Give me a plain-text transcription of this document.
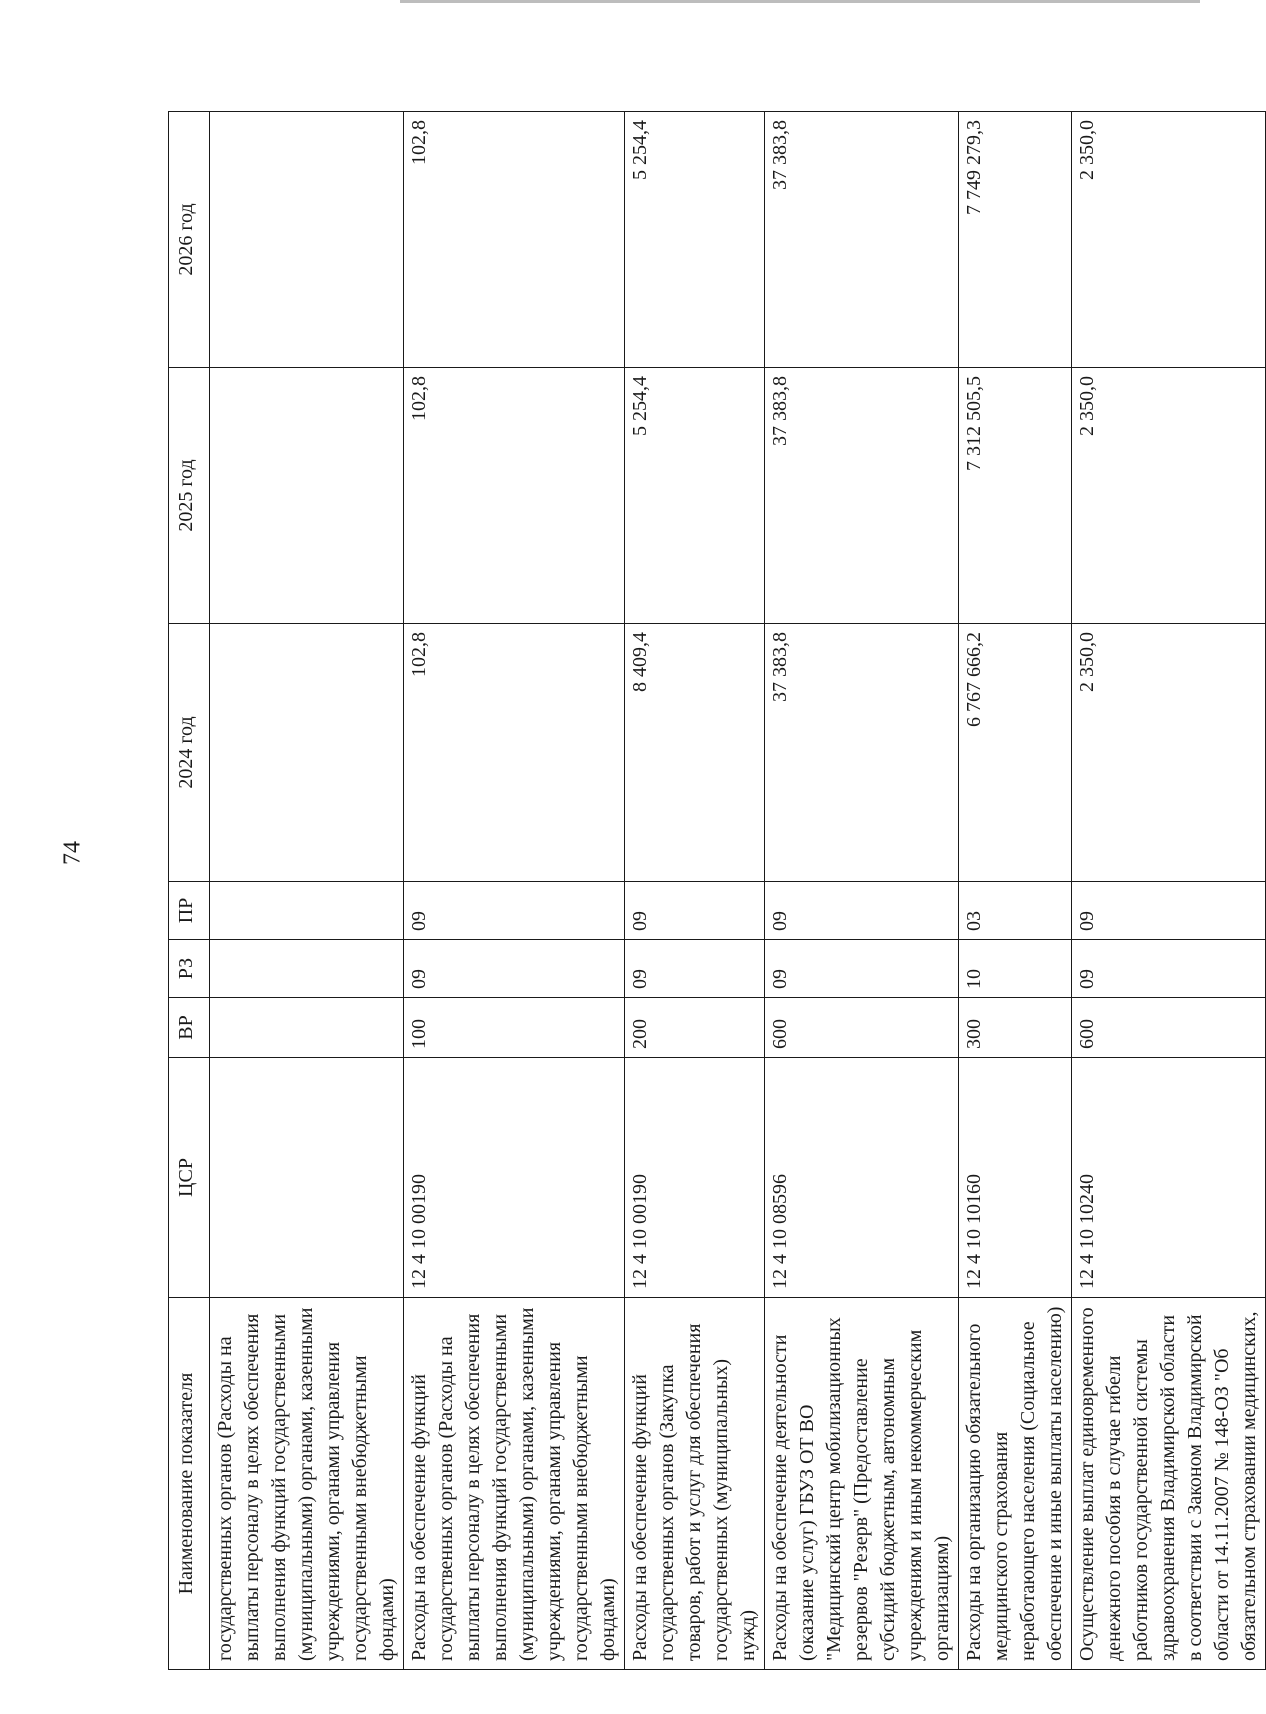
74
Наименование показателя	ЦСР	ВР	РЗ	ПР	2024 год	2025 год	2026 год
государственных органов (Расходы на выплаты персоналу в целях обеспечения выполнения функций государственными (муниципальными) органами, казенными учреждениями, органами управления государственными внебюджетными фондами)							
Расходы на обеспечение функций государственных органов (Расходы на выплаты персоналу в целях обеспечения выполнения функций государственными (муниципальными) органами, казенными учреждениями, органами управления государственными внебюджетными фондами)	12 4 10 00190	100	09	09	102,8	102,8	102,8
Расходы на обеспечение функций государственных органов (Закупка товаров, работ и услуг для обеспечения государственных (муниципальных) нужд)	12 4 10 00190	200	09	09	8 409,4	5 254,4	5 254,4
Расходы на обеспечение деятельности (оказание услуг) ГБУЗ ОТ ВО "Медицинский центр мобилизационных резервов "Резерв" (Предоставление субсидий бюджетным, автономным учреждениям и иным некоммерческим организациям)	12 4 10 08596	600	09	09	37 383,8	37 383,8	37 383,8
Расходы на организацию обязательного медицинского страхования неработающего населения (Социальное обеспечение и иные выплаты населению)	12 4 10 10160	300	10	03	6 767 666,2	7 312 505,5	7 749 279,3
Осуществление выплат единовременного денежного пособия в случае гибели работников государственной системы здравоохранения Владимирской области в соответствии с Законом Владимирской области от 14.11.2007 № 148-ОЗ "Об обязательном страховании медицинских,	12 4 10 10240	600	09	09	2 350,0	2 350,0	2 350,0
